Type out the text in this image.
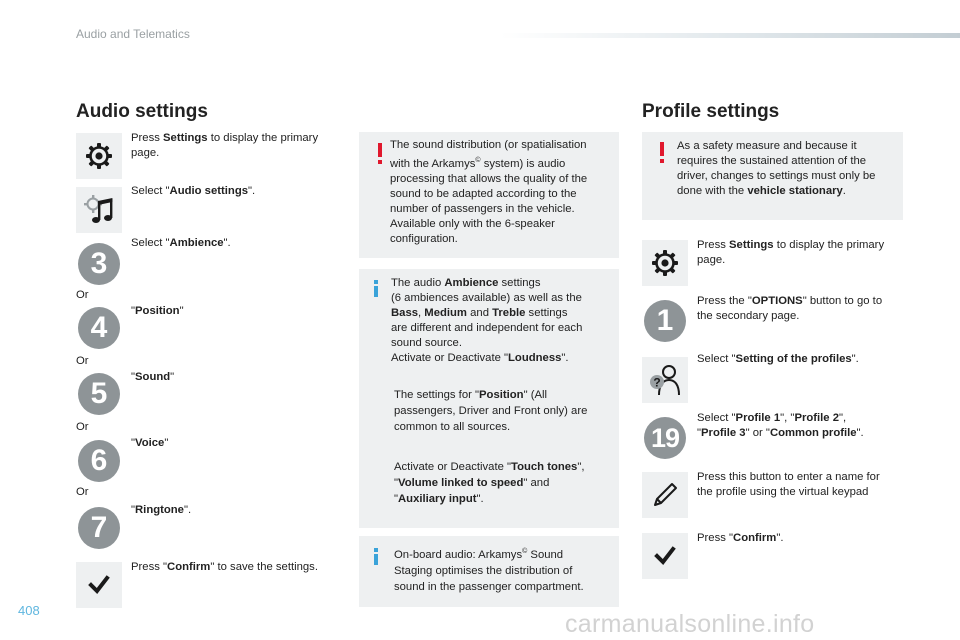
Audio and Telematics
Audio settings
Press Settings to display the primary page.
Select "Audio settings".
3
Select "Ambience".
Or
4	"Position"
Or
5	"Sound"
Or
6
"Voice"
Or
7
"Ringtone".
Press "Confirm" to save the settings.
The sound distribution (or spatialisation
with the Arkamys© system) is audio
processing that allows the quality of the
sound to be adapted according to the
number of passengers in the vehicle.
Available only with the 6-speaker
configuration.
The audio Ambience settings
(6 ambiences available) as well as the
Bass, Medium and Treble settings
are different and independent for each
sound source.
Activate or Deactivate "Loudness".
The settings for "Position" (All
passengers, Driver and Front only) are
common to all sources.
Activate or Deactivate "Touch tones",
"Volume linked to speed" and
"Auxiliary input".
On-board audio: Arkamys© Sound
Staging optimises the distribution of
sound in the passenger compartment.
Profile settings
As a safety measure and because it
requires the sustained attention of the
driver, changes to settings must only be
done with the vehicle stationary.
Press Settings to display the primary
page.
1
Press the "OPTIONS" button to go to
the secondary page.
?
Select "Setting of the profiles".
19
Select "Profile 1", "Profile 2",
"Profile 3" or "Common profile".
Press this button to enter a name for
the profile using the virtual keypad
Press "Confirm".
408	carmanualsonline.info
